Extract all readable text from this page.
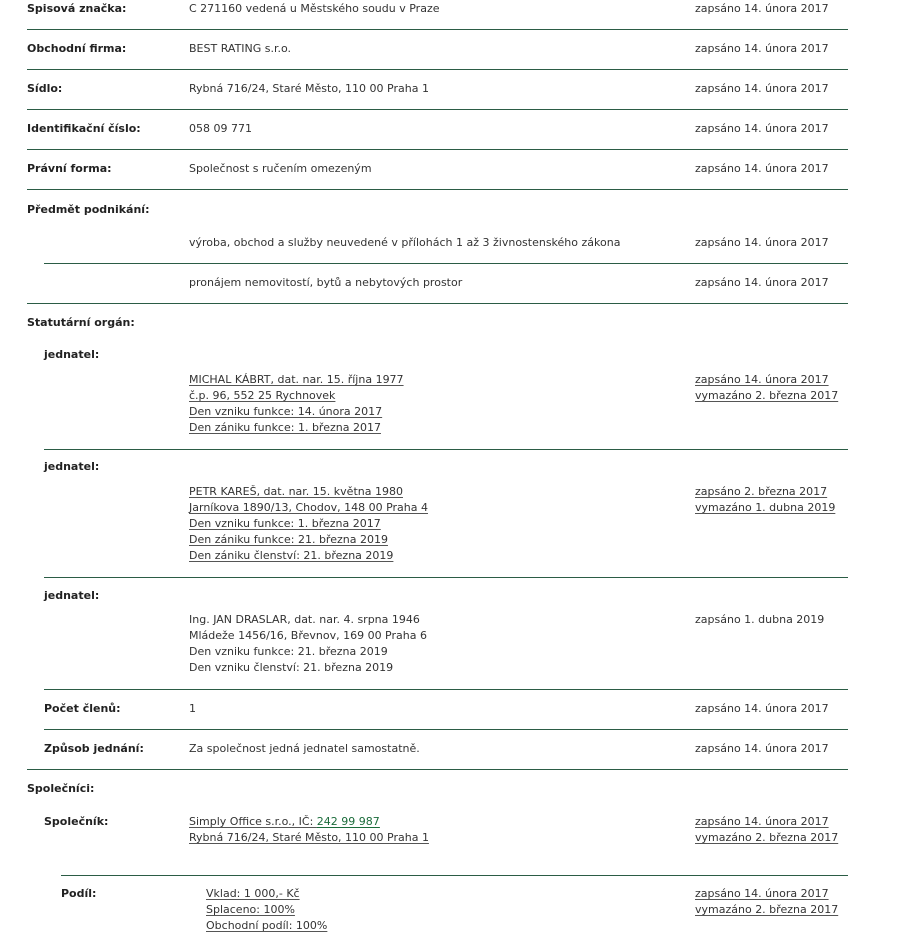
Spisová značka:	C 271160 vedená u Městského soudu v Praze	zapsáno 14. února 2017
Obchodní firma:	BEST RATING s.r.o.	zapsáno 14. února 2017
Sídlo:	Rybná 716/24, Staré Město, 110 00 Praha 1	zapsáno 14. února 2017
Identifikační číslo:	058 09 771	zapsáno 14. února 2017
Právní forma:	Společnost s ručením omezeným	zapsáno 14. února 2017
Předmět podnikání:
výroba, obchod a služby neuvedené v přílohách 1 až 3 živnostenského zákona	zapsáno 14. února 2017
pronájem nemovitostí, bytů a nebytových prostor	zapsáno 14. února 2017
Statutární orgán:
jednatel:
MICHAL KÁBRT, dat. nar. 15. října 1977
č.p. 96, 552 25 Rychnovek
Den vzniku funkce: 14. února 2017
Den zániku funkce: 1. března 2017
zapsáno 14. února 2017
vymazáno 2. března 2017
jednatel:
PETR KAREŠ, dat. nar. 15. května 1980
Jarníkova 1890/13, Chodov, 148 00 Praha 4
Den vzniku funkce: 1. března 2017
Den zániku funkce: 21. března 2019
Den zániku členství: 21. března 2019
zapsáno 2. března 2017
vymazáno 1. dubna 2019
jednatel:
Ing. JAN DRASLAR, dat. nar. 4. srpna 1946
Mládeže 1456/16, Břevnov, 169 00 Praha 6
Den vzniku funkce: 21. března 2019
Den vzniku členství: 21. března 2019
zapsáno 1. dubna 2019
Počet členů:	1	zapsáno 14. února 2017
Způsob jednání:	Za společnost jedná jednatel samostatně.	zapsáno 14. února 2017
Společníci:
Společník:	Simply Office s.r.o., IČ: 242 99 987
Rybná 716/24, Staré Město, 110 00 Praha 1
zapsáno 14. února 2017
vymazáno 2. března 2017
Podíl:	Vklad: 1 000,- Kč
Splaceno: 100%
Obchodní podíl: 100%
zapsáno 14. února 2017
vymazáno 2. března 2017
